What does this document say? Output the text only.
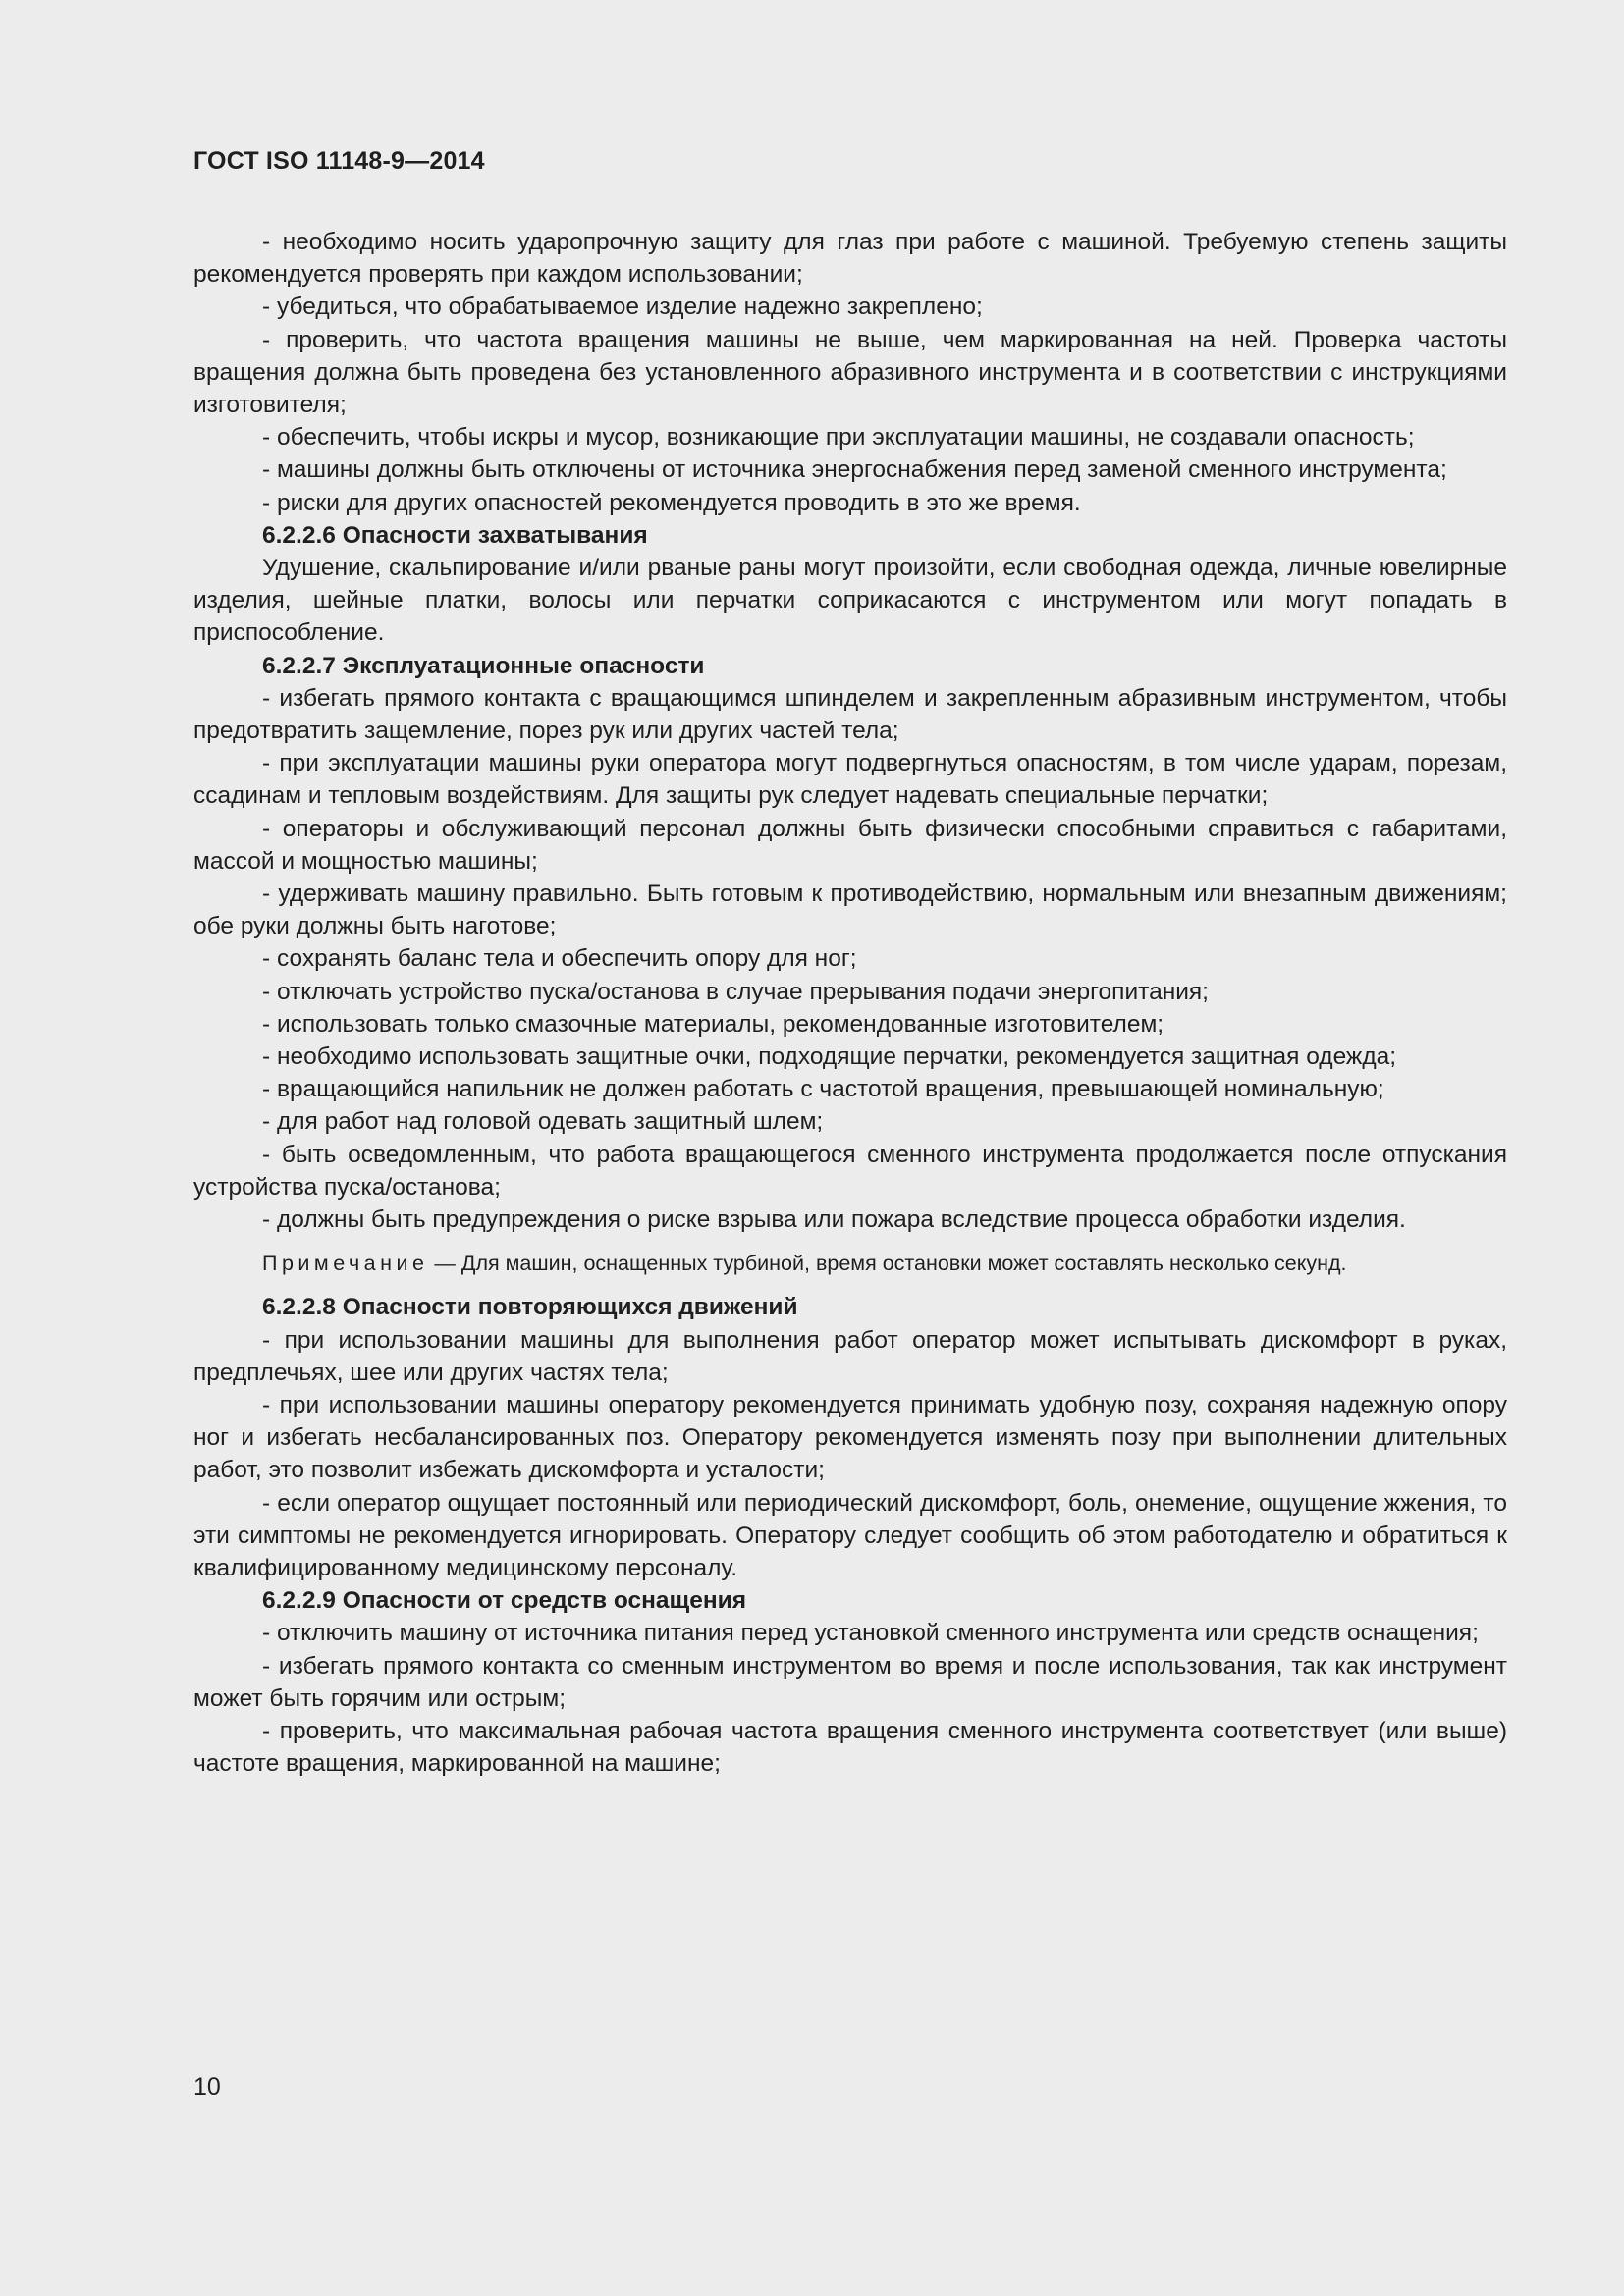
ГОСТ ISO 11148-9—2014

- необходимо носить ударопрочную защиту для глаз при работе с машиной. Требуемую степень защиты рекомендуется проверять при каждом использовании;

- убедиться, что обрабатываемое изделие надежно закреплено;

- проверить, что частота вращения машины не выше, чем маркированная на ней. Проверка частоты вращения должна быть проведена без установленного абразивного инструмента и в соответствии с инструкциями изготовителя;

- обеспечить, чтобы искры и мусор, возникающие при эксплуатации машины, не создавали опасность;

- машины должны быть отключены от источника энергоснабжения перед заменой сменного инструмента;

- риски для других опасностей рекомендуется проводить в это же время.

6.2.2.6 Опасности захватывания

Удушение, скальпирование и/или рваные раны могут произойти, если свободная одежда, личные ювелирные изделия, шейные платки, волосы или перчатки соприкасаются с инструментом или могут попадать в приспособление.

6.2.2.7 Эксплуатационные опасности

- избегать прямого контакта с вращающимся шпинделем и закрепленным абразивным инструментом, чтобы предотвратить защемление, порез рук или других частей тела;

- при эксплуатации машины руки оператора могут подвергнуться опасностям, в том числе ударам, порезам, ссадинам и тепловым воздействиям. Для защиты рук следует надевать специальные перчатки;

- операторы и обслуживающий персонал должны быть физически способными справиться с габаритами, массой и мощностью машины;

- удерживать машину правильно. Быть готовым к противодействию, нормальным или внезапным движениям; обе руки должны быть наготове;

- сохранять баланс тела и обеспечить опору для ног;

- отключать устройство пуска/останова в случае прерывания подачи энергопитания;

- использовать только смазочные материалы, рекомендованные изготовителем;

- необходимо использовать защитные очки, подходящие перчатки, рекомендуется защитная одежда;

- вращающийся напильник не должен работать с частотой вращения, превышающей номинальную;

- для работ над головой одевать защитный шлем;

- быть осведомленным, что работа вращающегося сменного инструмента продолжается после отпускания устройства пуска/останова;

- должны быть предупреждения о риске взрыва или пожара вследствие процесса обработки изделия.

Примечание — Для машин, оснащенных турбиной, время остановки может составлять несколько секунд.

6.2.2.8 Опасности повторяющихся движений

- при использовании машины для выполнения работ оператор может испытывать дискомфорт в руках, предплечьях, шее или других частях тела;

- при использовании машины оператору рекомендуется принимать удобную позу, сохраняя надежную опору ног и избегать несбалансированных поз. Оператору рекомендуется изменять позу при выполнении длительных работ, это позволит избежать дискомфорта и усталости;

- если оператор ощущает постоянный или периодический дискомфорт, боль, онемение, ощущение жжения, то эти симптомы не рекомендуется игнорировать. Оператору следует сообщить об этом работодателю и обратиться к квалифицированному медицинскому персоналу.

6.2.2.9 Опасности от средств оснащения

- отключить машину от источника питания перед установкой сменного инструмента или средств оснащения;

- избегать прямого контакта со сменным инструментом во время и после использования, так как инструмент может быть горячим или острым;

- проверить, что максимальная рабочая частота вращения сменного инструмента соответствует (или выше) частоте вращения, маркированной на машине;

10
